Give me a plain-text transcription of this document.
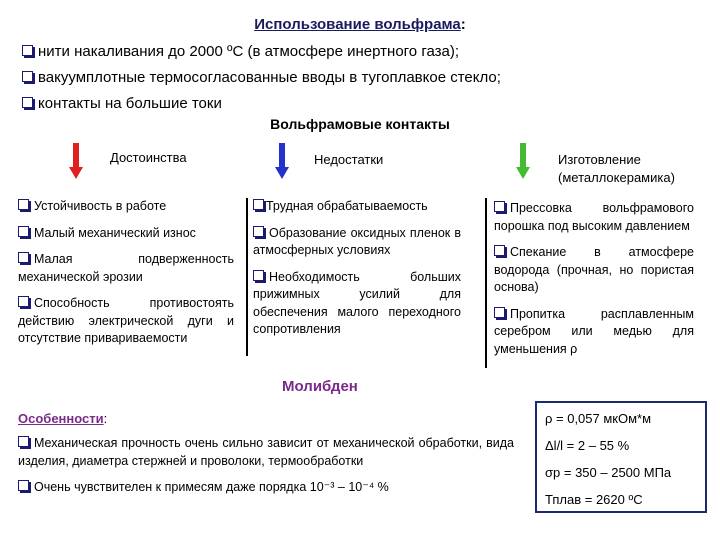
Использование вольфрама:
нити накаливания до 2000 ºС (в атмосфере инертного газа);
вакуумплотные термосогласованные вводы в тугоплавкое стекло;
контакты на большие токи
Вольфрамовые контакты
Достоинства	Недостатки	Изготовление (металлокерамика)

Устойчивость в работе

Малый механический износ

Малая подверженность механической эрозии

Способность противостоять действию электрической дуги и отсутствие привариваемости

Трудная обрабатываемость

Образование оксидных пленок в атмосферных условиях

Необходимость больших прижимных усилий для обеспечения малого переходного сопротивления

Прессовка вольфрамового порошка под высоким давлением

Спекание в атмосфере водорода (прочная, но пористая основа)

Пропитка расплавленным серебром или медью для уменьшения ρ

Молибден
Особенности:
Механическая прочность очень сильно зависит от механической обработки, вида изделия, диаметра стержней и проволоки, термообработки
Очень чувствителен к примесям даже порядка 10⁻³ – 10⁻⁴ %
ρ = 0,057 мкОм*м
Δl/l = 2 – 55 %
σр = 350 – 2500 МПа
Тплав = 2620 ºС
